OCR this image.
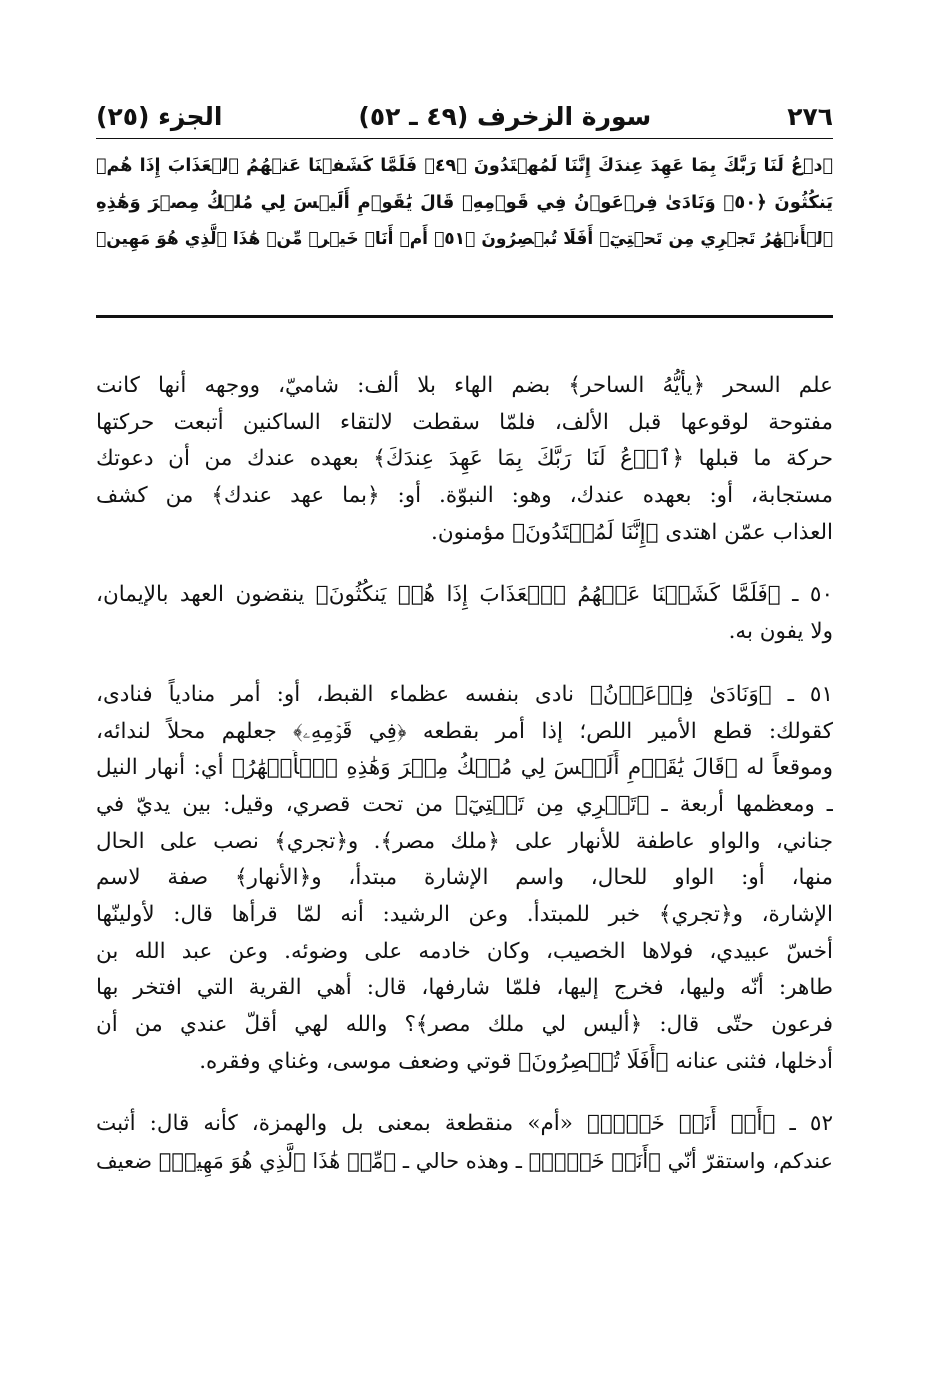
٢٧٦
سورة الزخرف (٤٩ ـ ٥٢)
الجزء (٢٥)

ٱدۡعُ لَنَا رَبَّكَ بِمَا عَهِدَ عِندَكَ إِنَّنَا لَمُهۡتَدُونَ ﴿٤٩﴾ فَلَمَّا كَشَفۡنَا عَنۡهُمُ ٱلۡعَذَابَ إِذَا هُمۡ

يَنكُثُونَ ﴿٥٠﴾ وَنَادَىٰ فِرۡعَوۡنُ فِي قَوۡمِهِۦ قَالَ يَٰقَوۡمِ أَلَيۡسَ لِي مُلۡكُ مِصۡرَ وَهَٰذِهِ

ٱلۡأَنۡهَٰرُ تَجۡرِي مِن تَحۡتِيٓۚ أَفَلَا تُبۡصِرُونَ ﴿٥١﴾ أَمۡ أَنَا۠ خَيۡرٞ مِّنۡ هَٰذَا ٱلَّذِي هُوَ مَهِينٞ

علم السحر ﴿يأيُّهُ الساحر﴾ بضم الهاء بلا ألف: شاميّ، ووجهه أنها كانت
مفتوحة لوقوعها قبل الألف، فلمّا سقطت لالتقاء الساكنين أتبعت حركتها
حركة ما قبلها ﴿ٱدۡعُ لَنَا رَبَّكَ بِمَا عَهِدَ عِندَكَ﴾ بعهده عندك من أن دعوتك
مستجابة، أو: بعهده عندك، وهو: النبوّة. أو: ﴿بما عهد عندك﴾ من كشف
العذاب عمّن اهتدى ﴿إِنَّنَا لَمُهۡتَدُونَ﴾ مؤمنون.
٥٠ ـ ﴿فَلَمَّا كَشَفۡنَا عَنۡهُمُ ٱلۡعَذَابَ إِذَا هُمۡ يَنكُثُونَ﴾ ينقضون العهد بالإيمان،
ولا يفون به.
٥١ ـ ﴿وَنَادَىٰ فِرۡعَوۡنُ﴾ نادى بنفسه عظماء القبط، أو: أمر منادياً فنادى،
كقولك: قطع الأمير اللص؛ إذا أمر بقطعه ﴿فِي قَوۡمِهِۦ﴾ جعلهم محلاً لندائه،
وموقعاً له ﴿قَالَ يَٰقَوۡمِ أَلَيۡسَ لِي مُلۡكُ مِصۡرَ وَهَٰذِهِ ٱلۡأَنۡهَٰرُ﴾ أي: أنهار النيل
ـ ومعظمها أربعة ـ ﴿تَجۡرِي مِن تَحۡتِيٓ﴾ من تحت قصري، وقيل: بين يديّ في
جناني، والواو عاطفة للأنهار على ﴿ملك مصر﴾. و﴿تجري﴾ نصب على الحال
منها، أو: الواو للحال، واسم الإشارة مبتدأ، و﴿الأنهار﴾ صفة لاسم
الإشارة، و﴿تجري﴾ خبر للمبتدأ. وعن الرشيد: أنه لمّا قرأها قال: لأولينّها
أخسّ عبيدي، فولاها الخصيب، وكان خادمه على وضوئه. وعن عبد الله بن
طاهر: أنّه وليها، فخرج إليها، فلمّا شارفها، قال: أهي القرية التي افتخر بها
فرعون حتّى قال: ﴿أليس لي ملك مصر﴾؟ والله لهي أقلّ عندي من أن
أدخلها، فثنى عنانه ﴿أَفَلَا تُبۡصِرُونَ﴾ قوتي وضعف موسى، وغناي وفقره.
٥٢ ـ ﴿أَمۡ أَنَا۠ خَيۡرٞ﴾ «أم» منقطعة بمعنى بل والهمزة، كأنه قال: أثبت
عندكم، واستقرّ أنّي ﴿أَنَا۠ خَيۡرٞ﴾ ـ وهذه حالي ـ ﴿مِّنۡ هَٰذَا ٱلَّذِي هُوَ مَهِينٞ﴾ ضعيف
